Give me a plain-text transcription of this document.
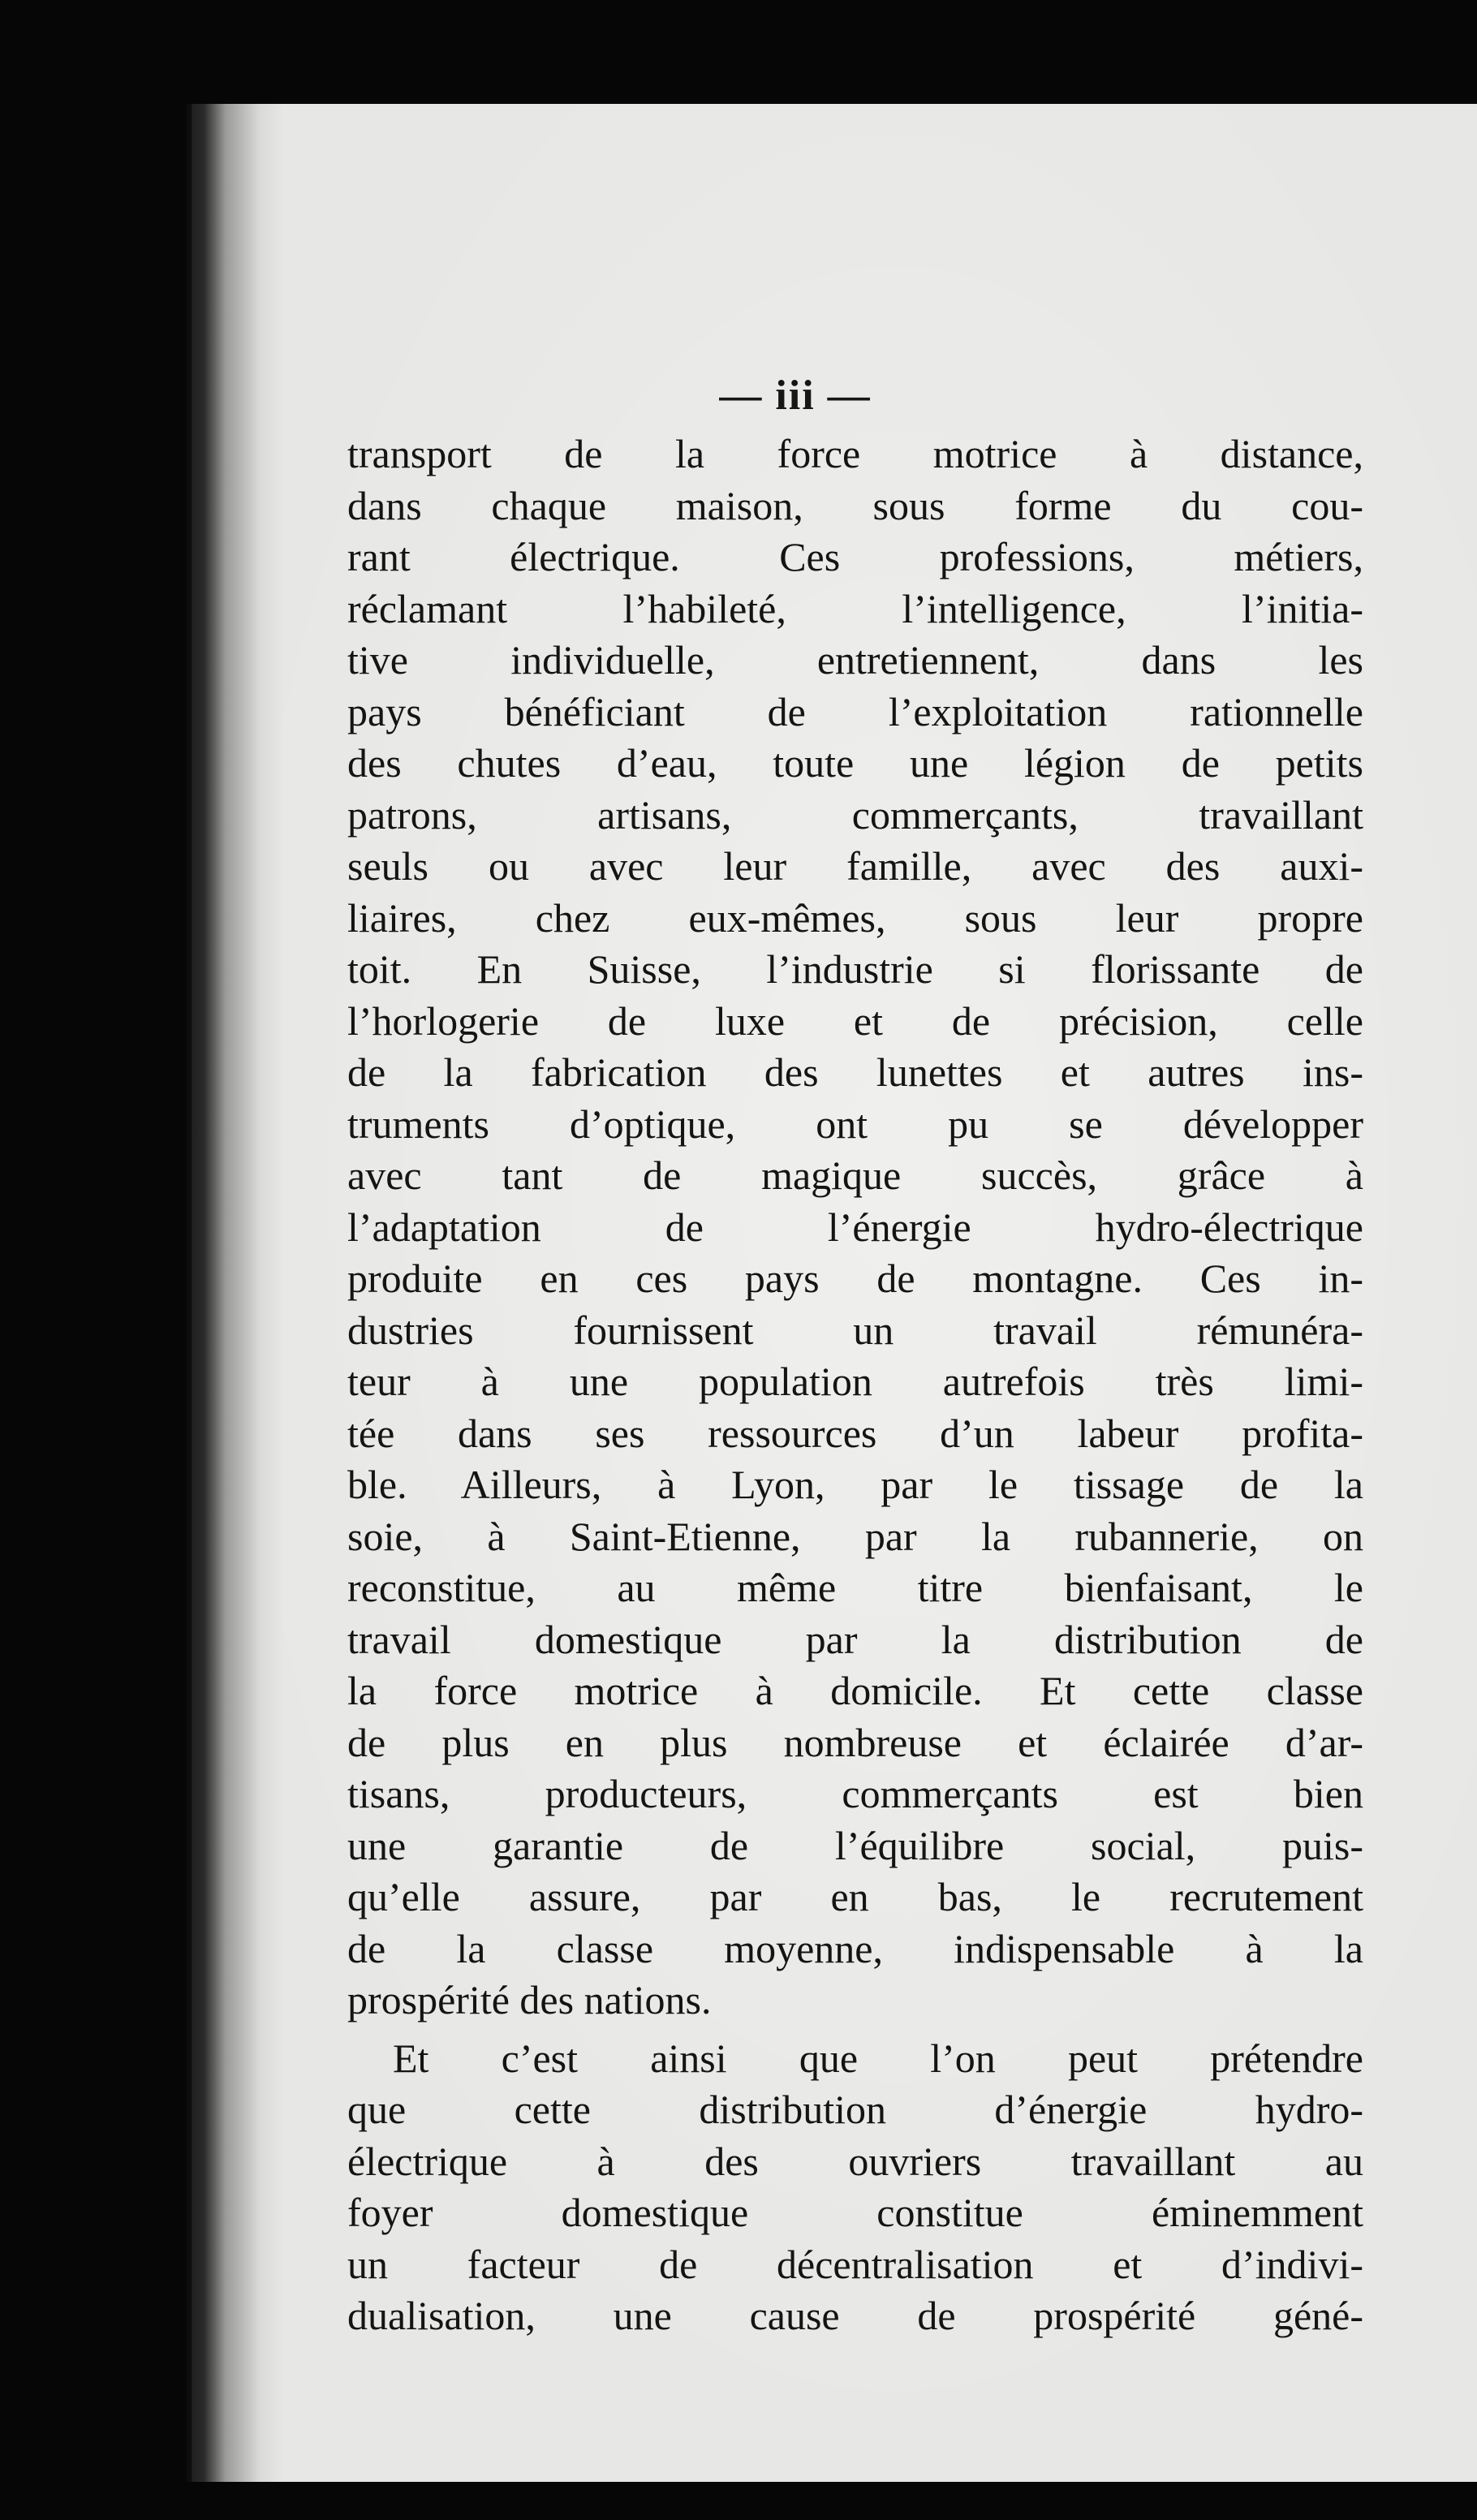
— iii —
transport de la force motrice à distance,
dans chaque maison, sous forme du cou-
rant électrique. Ces professions, métiers,
réclamant l’habileté, l’intelligence, l’initia-
tive individuelle, entretiennent, dans les
pays bénéficiant de l’exploitation rationnelle
des chutes d’eau, toute une légion de petits
patrons, artisans, commerçants, travaillant
seuls ou avec leur famille, avec des auxi-
liaires, chez eux-mêmes, sous leur propre
toit. En Suisse, l’industrie si florissante de
l’horlogerie de luxe et de précision, celle
de la fabrication des lunettes et autres ins-
truments d’optique, ont pu se développer
avec tant de magique succès, grâce à
l’adaptation de l’énergie hydro-électrique
produite en ces pays de montagne. Ces in-
dustries fournissent un travail rémunéra-
teur à une population autrefois très limi-
tée dans ses ressources d’un labeur profita-
ble. Ailleurs, à Lyon, par le tissage de la
soie, à Saint-Etienne, par la rubannerie, on
reconstitue, au même titre bienfaisant, le
travail domestique par la distribution de
la force motrice à domicile. Et cette classe
de plus en plus nombreuse et éclairée d’ar-
tisans, producteurs, commerçants est bien
une garantie de l’équilibre social, puis-
qu’elle assure, par en bas, le recrutement
de la classe moyenne, indispensable à la
prospérité des nations.
Et c’est ainsi que l’on peut prétendre
que cette distribution d’énergie hydro-
électrique à des ouvriers travaillant au
foyer domestique constitue éminemment
un facteur de décentralisation et d’indivi-
dualisation, une cause de prospérité géné-
